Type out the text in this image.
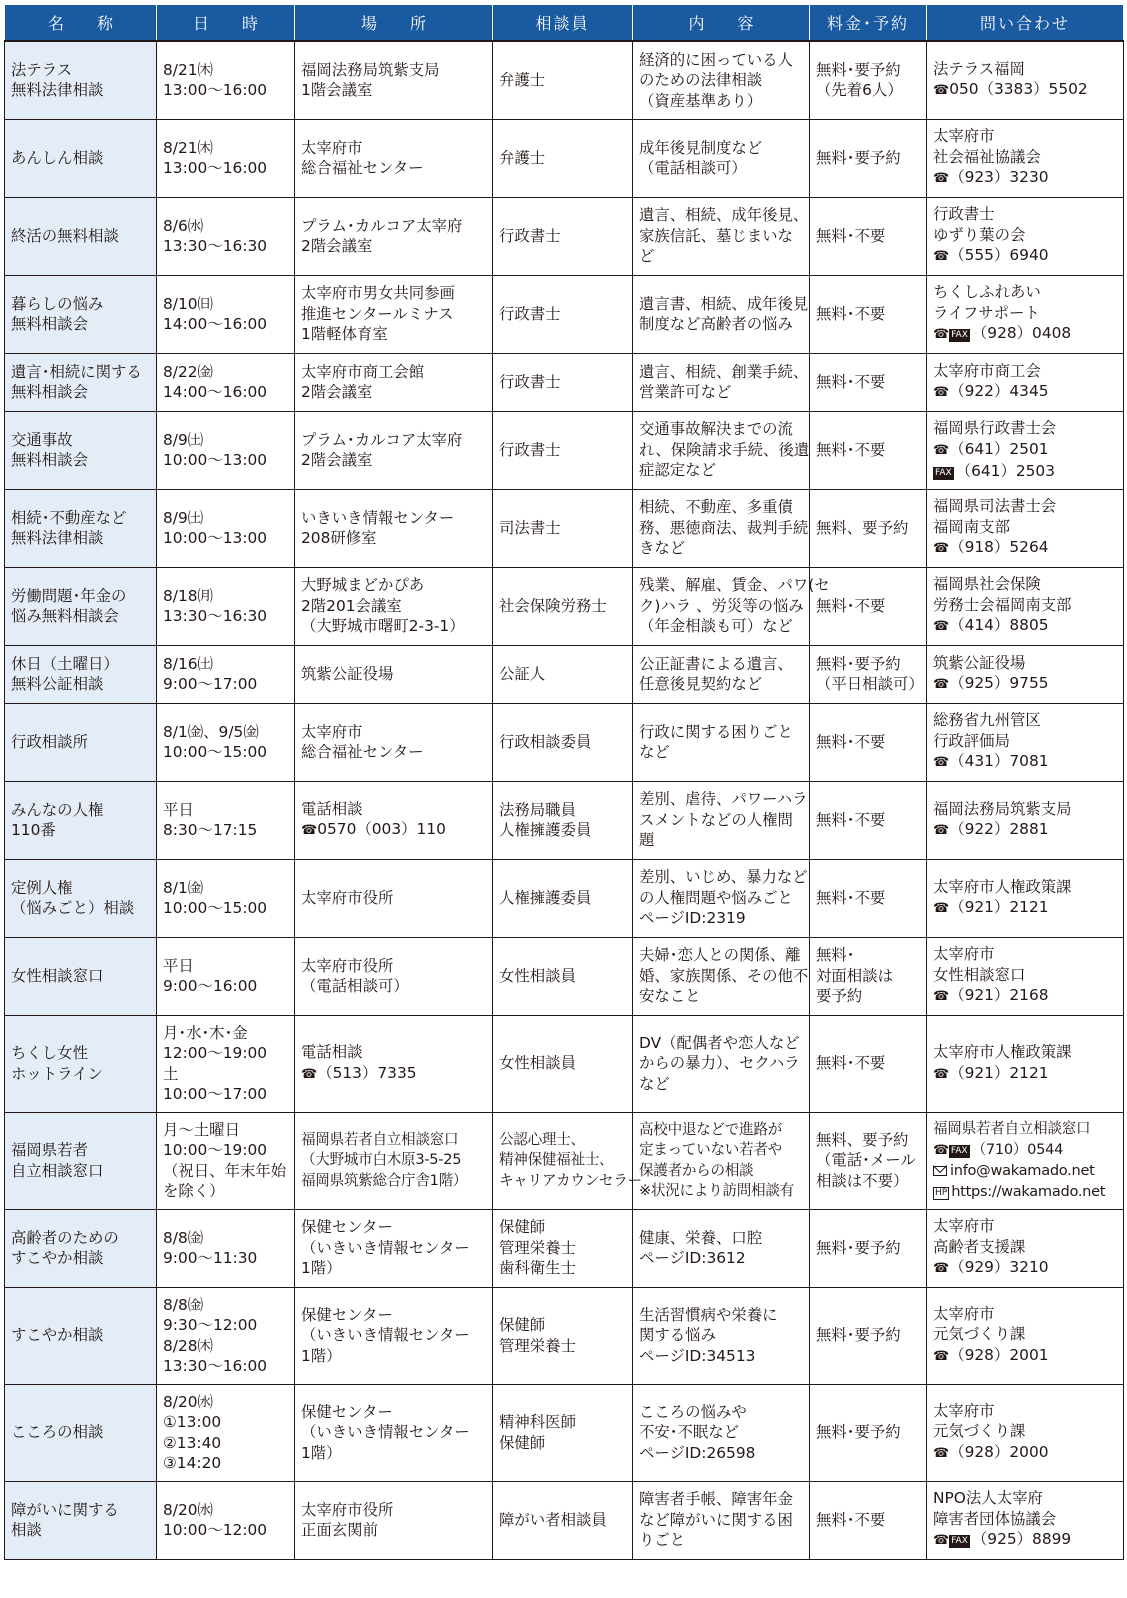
名 称	日 時	場 所	相談員	内 容	料金･予約	問い合わせ

法テラス
無料法律相談	8/21㈭
13:00〜16:00	福岡法務局筑紫支局
1階会議室	弁護士	経済的に困っている人
のための法律相談
（資産基準あり）	無料･要予約
（先着6人）	法テラス福岡
☎050（3383）5502

あんしん相談	8/21㈭
13:00〜16:00	太宰府市
総合福祉センター	弁護士	成年後見制度など
（電話相談可）	無料･要予約	太宰府市
社会福祉協議会
☎（923）3230

終活の無料相談	8/6㈬
13:30〜16:30	プラム･カルコア太宰府
2階会議室	行政書士	遺言、相続、成年後見、
家族信託、墓じまいな
ど	無料･不要	行政書士
ゆずり葉の会
☎（555）6940

暮らしの悩み
無料相談会	8/10㈰
14:00〜16:00	太宰府市男女共同参画
推進センタールミナス
1階軽体育室	行政書士	遺言書、相続、成年後見
制度など高齢者の悩み	無料･不要	ちくしふれあい
ライフサポート
☎ FAX （928）0408

遺言･相続に関する
無料相談会	8/22㈮
14:00〜16:00	太宰府市商工会館
2階会議室	行政書士	遺言、相続、創業手続、
営業許可など	無料･不要	太宰府市商工会
☎（922）4345

交通事故
無料相談会	8/9㈯
10:00〜13:00	プラム･カルコア太宰府
2階会議室	行政書士	交通事故解決までの流
れ、保険請求手続、後遺
症認定など	無料･不要	福岡県行政書士会
☎（641）2501
FAX （641）2503

相続･不動産など
無料法律相談	8/9㈯
10:00〜13:00	いきいき情報センター
208研修室	司法書士	相続、不動産、多重債
務、悪徳商法、裁判手続
きなど	無料、要予約	福岡県司法書士会
福岡南支部
☎（918）5264

労働問題･年金の
悩み無料相談会	8/18㈪
13:30〜16:30	大野城まどかぴあ
2階201会議室
（大野城市曙町2-3-1）	社会保険労務士	残業、解雇、賃金、パワ(セ
ク)ハラ 、労災等の悩み
（年金相談も可）など	無料･不要	福岡県社会保険
労務士会福岡南支部
☎（414）8805

休日（土曜日）
無料公証相談	8/16㈯
9:00〜17:00	筑紫公証役場	公証人	公正証書による遺言、
任意後見契約など	無料･要予約
（平日相談可）	筑紫公証役場
☎（925）9755

行政相談所	8/1㈮、9/5㈮
10:00〜15:00	太宰府市
総合福祉センター	行政相談委員	行政に関する困りごと
など	無料･不要	総務省九州管区
行政評価局
☎（431）7081

みんなの人権
110番	平日
8:30〜17:15	電話相談
☎0570（003）110	法務局職員
人権擁護委員	差別、虐待、パワーハラ
スメントなどの人権問
題	無料･不要	福岡法務局筑紫支局
☎（922）2881

定例人権
（悩みごと）相談	8/1㈮
10:00〜15:00	太宰府市役所	人権擁護委員	差別、いじめ、暴力など
の人権問題や悩みごと
ページID:2319	無料･不要	太宰府市人権政策課
☎（921）2121

女性相談窓口	平日
9:00〜16:00	太宰府市役所
（電話相談可）	女性相談員	夫婦･恋人との関係、離
婚、家族関係、その他不
安なこと	無料･
対面相談は
要予約	太宰府市
女性相談窓口
☎（921）2168

ちくし女性
ホットライン	月･水･木･金
12:00〜19:00
土
10:00〜17:00	電話相談
☎（513）7335	女性相談員	DV（配偶者や恋人など
からの暴力）、セクハラ
など	無料･不要	太宰府市人権政策課
☎（921）2121

福岡県若者
自立相談窓口	月〜土曜日
10:00〜19:00
（祝日、年末年始
を除く）	福岡県若者自立相談窓口
（大野城市白木原3-5-25
福岡県筑紫総合庁舎1階）	公認心理士、
精神保健福祉士、
キャリアカウンセラー	高校中退などで進路が
定まっていない若者や
保護者からの相談
※状況により訪問相談有	無料、要予約
（電話･メール
相談は不要）	福岡県若者自立相談窓口
☎ FAX （710）0544
info@wakamado.net
HP https://wakamado.net

高齢者のための
すこやか相談	8/8㈮
9:00〜11:30	保健センター
（いきいき情報センター
1階）	保健師
管理栄養士
歯科衛生士	健康、栄養、口腔
ページID:3612	無料･要予約	太宰府市
高齢者支援課
☎（929）3210

すこやか相談	8/8㈮
9:30〜12:00
8/28㈭
13:30〜16:00	保健センター
（いきいき情報センター
1階）	保健師
管理栄養士	生活習慣病や栄養に
関する悩み
ページID:34513	無料･要予約	太宰府市
元気づくり課
☎（928）2001

こころの相談	8/20㈬
①13:00
②13:40
③14:20	保健センター
（いきいき情報センター
1階）	精神科医師
保健師	こころの悩みや
不安･不眠など
ページID:26598	無料･要予約	太宰府市
元気づくり課
☎（928）2000

障がいに関する
相談	8/20㈬
10:00〜12:00	太宰府市役所
正面玄関前	障がい者相談員	障害者手帳、障害年金
など障がいに関する困
りごと	無料･不要	NPO法人太宰府
障害者団体協議会
☎ FAX （925）8899
